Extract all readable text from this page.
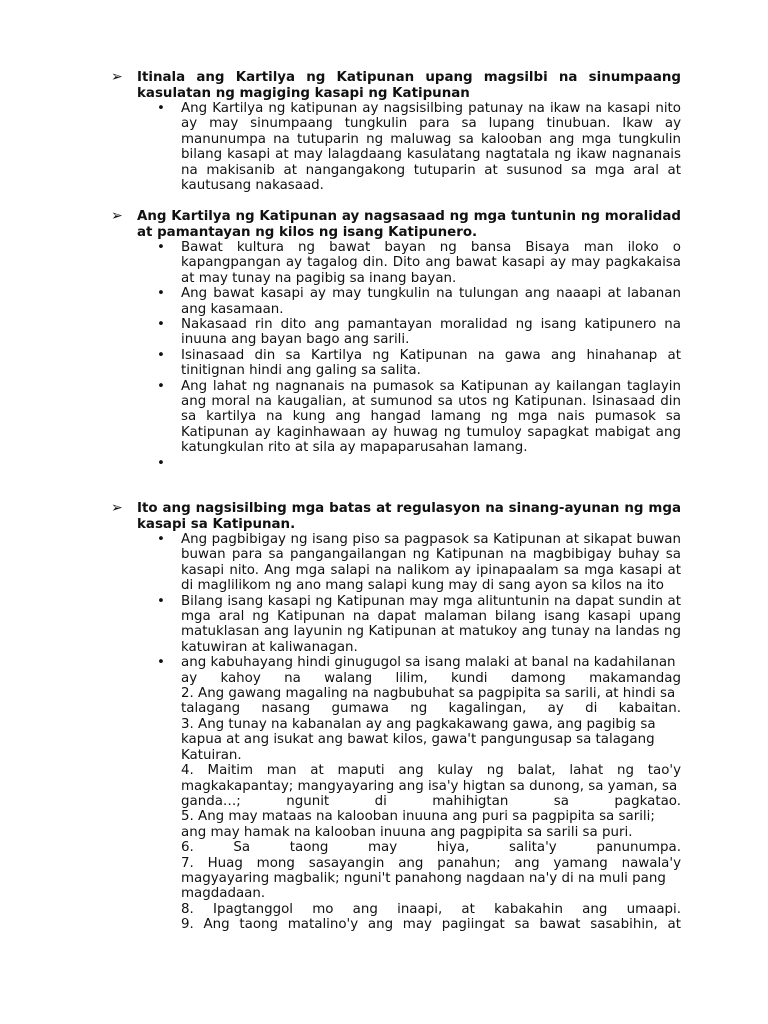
➢ Itinala ang Kartilya ng Katipunan upang magsilbi na sinumpaang kasulatan ng magiging kasapi ng Katipunan
• Ang Kartilya ng katipunan ay nagsisilbing patunay na ikaw na kasapi nito ay may sinumpaang tungkulin para sa lupang tinubuan. Ikaw ay manunumpa na tutuparin ng maluwag sa kalooban ang mga tungkulin bilang kasapi at may lalagdaang kasulatang nagtatala ng ikaw nagnanais na makisanib at nangangakong tutuparin at susunod sa mga aral at kautusang nakasaad.
➢ Ang Kartilya ng Katipunan ay nagsasaad ng mga tuntunin ng moralidad at pamantayan ng kilos ng isang Katipunero.
• Bawat kultura ng bawat bayan ng bansa Bisaya man iloko o kapangpangan ay tagalog din. Dito ang bawat kasapi ay may pagkakaisa at may tunay na pagibig sa inang bayan.
• Ang bawat kasapi ay may tungkulin na tulungan ang naaapi at labanan ang kasamaan.
• Nakasaad rin dito ang pamantayan moralidad ng isang katipunero na inuuna ang bayan bago ang sarili.
• Isinasaad din sa Kartilya ng Katipunan na gawa ang hinahanap at tinitignan hindi ang galing sa salita.
• Ang lahat ng nagnanais na pumasok sa Katipunan ay kailangan taglayin ang moral na kaugalian, at sumunod sa utos ng Katipunan. Isinasaad din sa kartilya na kung ang hangad lamang ng mga nais pumasok sa Katipunan ay kaginhawaan ay huwag ng tumuloy sapagkat mabigat ang katungkulan rito at sila ay mapaparusahan lamang.
•
➢ Ito ang nagsisilbing mga batas at regulasyon na sinang-ayunan ng mga kasapi sa Katipunan.
• Ang pagbibigay ng isang piso sa pagpasok sa Katipunan at sikapat buwan buwan para sa pangangailangan ng Katipunan na magbibigay buhay sa kasapi nito. Ang mga salapi na nalikom ay ipinapaalam sa mga kasapi at di maglilikom ng ano mang salapi kung may di sang ayon sa kilos na ito
• Bilang isang kasapi ng Katipunan may mga alituntunin na dapat sundin at mga aral ng Katipunan na dapat malaman bilang isang kasapi upang matuklasan ang layunin ng Katipunan at matukoy ang tunay na landas ng katuwiran at kaliwanagan.
• ang kabuhayang hindi ginugugol sa isang malaki at banal na kadahilanan
ay kahoy na walang lilim, kundi damong makamandag
2. Ang gawang magaling na nagbubuhat sa pagpipita sa sarili, at hindi sa
talagang nasang gumawa ng kagalingan, ay di kabaitan.
3. Ang tunay na kabanalan ay ang pagkakawang gawa, ang pagibig sa
kapua at ang isukat ang bawat kilos, gawa't pangungusap sa talagang
Katuiran.
4. Maitim man at maputi ang kulay ng balat, lahat ng tao'y
magkakapantay; mangyayaring ang isa'y higtan sa dunong, sa yaman, sa
ganda…; ngunit di mahihigtan sa pagkatao.
5. Ang may mataas na kalooban inuuna ang puri sa pagpipita sa sarili;
ang may hamak na kalooban inuuna ang pagpipita sa sarili sa puri.
6. Sa taong may hiya, salita'y panunumpa.
7. Huag mong sasayangin ang panahun; ang yamang nawala'y
magyayaring magbalik; nguni't panahong nagdaan na'y di na muli pang
magdadaan.
8. Ipagtanggol mo ang inaapi, at kabakahin ang umaapi.
9. Ang taong matalino'y ang may pagiingat sa bawat sasabihin, at
